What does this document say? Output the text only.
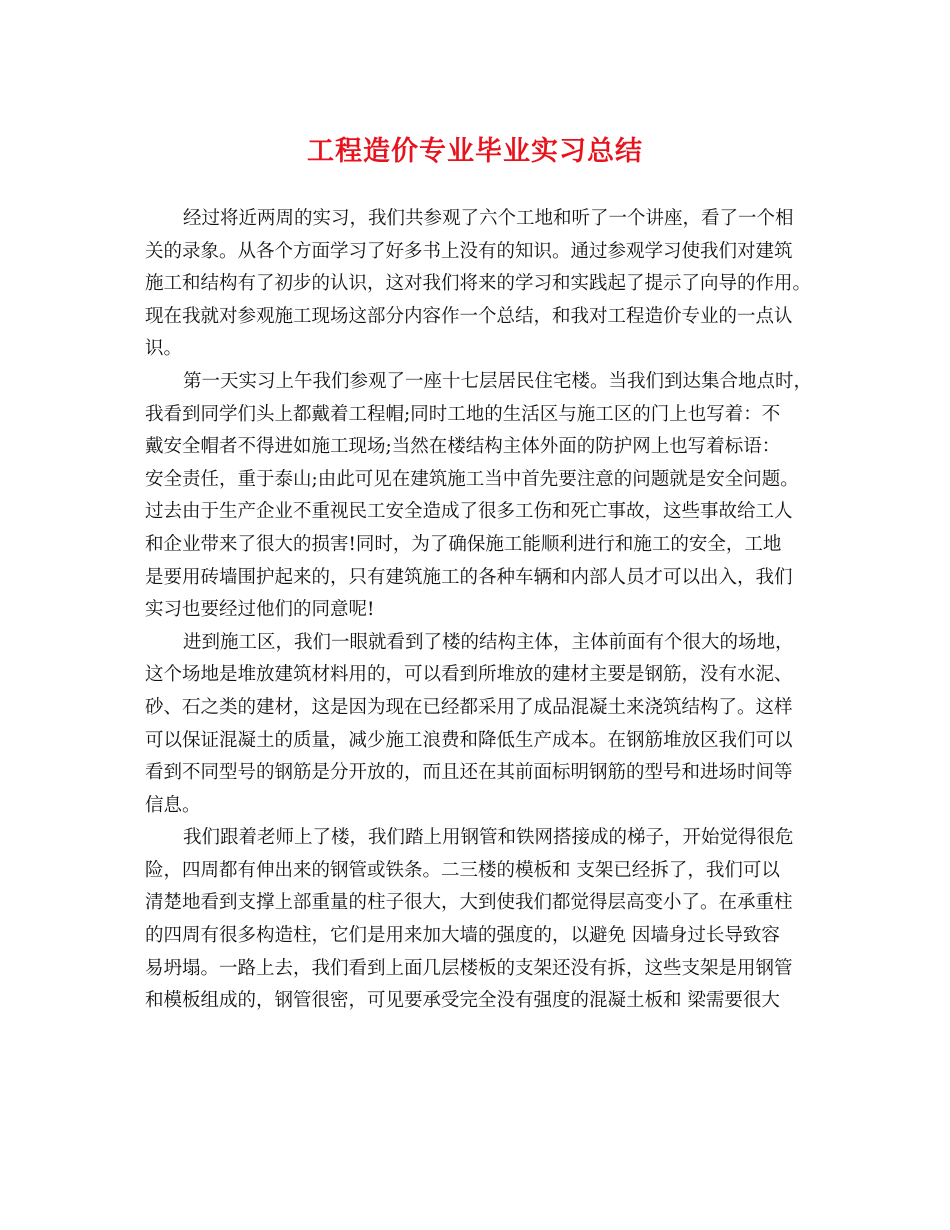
工程造价专业毕业实习总结
经过将近两周的实习，我们共参观了六个工地和听了一个讲座，看了一个相
关的录象。从各个方面学习了好多书上没有的知识。通过参观学习使我们对建筑
施工和结构有了初步的认识，这对我们将来的学习和实践起了提示了向导的作用。
现在我就对参观施工现场这部分内容作一个总结，和我对工程造价专业的一点认
识。
第一天实习上午我们参观了一座十七层居民住宅楼。当我们到达集合地点时，
我看到同学们头上都戴着工程帽;同时工地的生活区与施工区的门上也写着：不
戴安全帽者不得进如施工现场;当然在楼结构主体外面的防护网上也写着标语：
安全责任，重于泰山;由此可见在建筑施工当中首先要注意的问题就是安全问题。
过去由于生产企业不重视民工安全造成了很多工伤和死亡事故，这些事故给工人
和企业带来了很大的损害!同时，为了确保施工能顺利进行和施工的安全，工地
是要用砖墙围护起来的，只有建筑施工的各种车辆和内部人员才可以出入，我们
实习也要经过他们的同意呢!
进到施工区，我们一眼就看到了楼的结构主体，主体前面有个很大的场地，
这个场地是堆放建筑材料用的，可以看到所堆放的建材主要是钢筋，没有水泥、
砂、石之类的建材，这是因为现在已经都采用了成品混凝土来浇筑结构了。这样
可以保证混凝土的质量，减少施工浪费和降低生产成本。在钢筋堆放区我们可以
看到不同型号的钢筋是分开放的，而且还在其前面标明钢筋的型号和进场时间等
信息。
我们跟着老师上了楼，我们踏上用钢管和铁网搭接成的梯子，开始觉得很危
险，四周都有伸出来的钢管或铁条。二三楼的模板和 支架已经拆了，我们可以
清楚地看到支撑上部重量的柱子很大，大到使我们都觉得层高变小了。在承重柱
的四周有很多构造柱，它们是用来加大墙的强度的，以避免 因墙身过长导致容
易坍塌。一路上去，我们看到上面几层楼板的支架还没有拆，这些支架是用钢管
和模板组成的，钢管很密，可见要承受完全没有强度的混凝土板和 梁需要很大
